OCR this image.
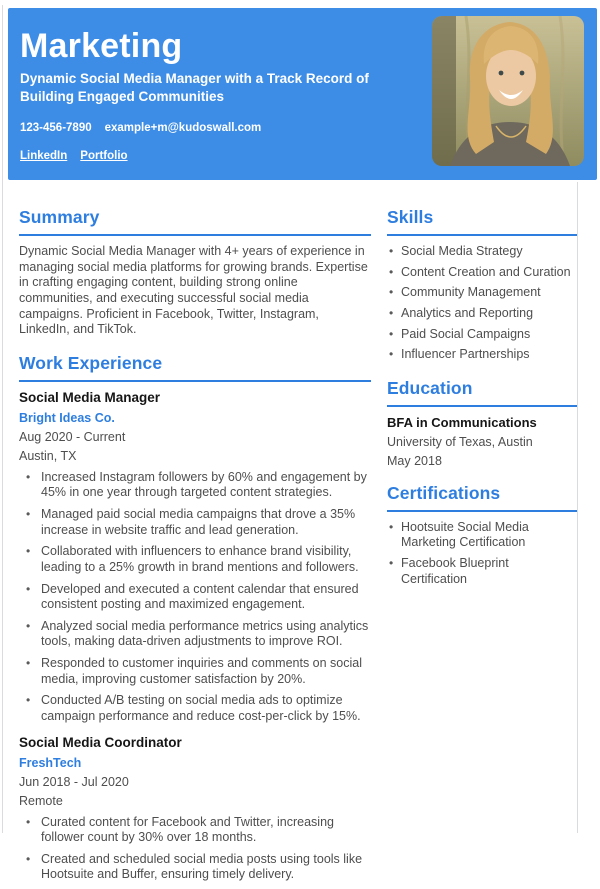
Marketing

Dynamic Social Media Manager with a Track Record of Building Engaged Communities

123-456-7890 example+m@kudoswall.com
LinkedIn Portfolio
Summary

Dynamic Social Media Manager with 4+ years of experience in managing social media platforms for growing brands. Expertise in crafting engaging content, building strong online communities, and executing successful social media campaigns. Proficient in Facebook, Twitter, Instagram, LinkedIn, and TikTok.

Work Experience
Social Media Manager
Bright Ideas Co.
Aug 2020 - Current
Austin, TX
• Increased Instagram followers by 60% and engagement by 45% in one year through targeted content strategies.
• Managed paid social media campaigns that drove a 35% increase in website traffic and lead generation.
• Collaborated with influencers to enhance brand visibility, leading to a 25% growth in brand mentions and followers.
• Developed and executed a content calendar that ensured consistent posting and maximized engagement.
• Analyzed social media performance metrics using analytics tools, making data-driven adjustments to improve ROI.
• Responded to customer inquiries and comments on social media, improving customer satisfaction by 20%.
• Conducted A/B testing on social media ads to optimize campaign performance and reduce cost-per-click by 15%.
Social Media Coordinator
FreshTech
Jun 2018 - Jul 2020
Remote
• Curated content for Facebook and Twitter, increasing follower count by 30% over 18 months.
• Created and scheduled social media posts using tools like Hootsuite and Buffer, ensuring timely delivery.
Skills
• Social Media Strategy
• Content Creation and Curation
• Community Management
• Analytics and Reporting
• Paid Social Campaigns
• Influencer Partnerships
Education
BFA in Communications
University of Texas, Austin
May 2018
Certifications
• Hootsuite Social Media Marketing Certification
• Facebook Blueprint Certification
